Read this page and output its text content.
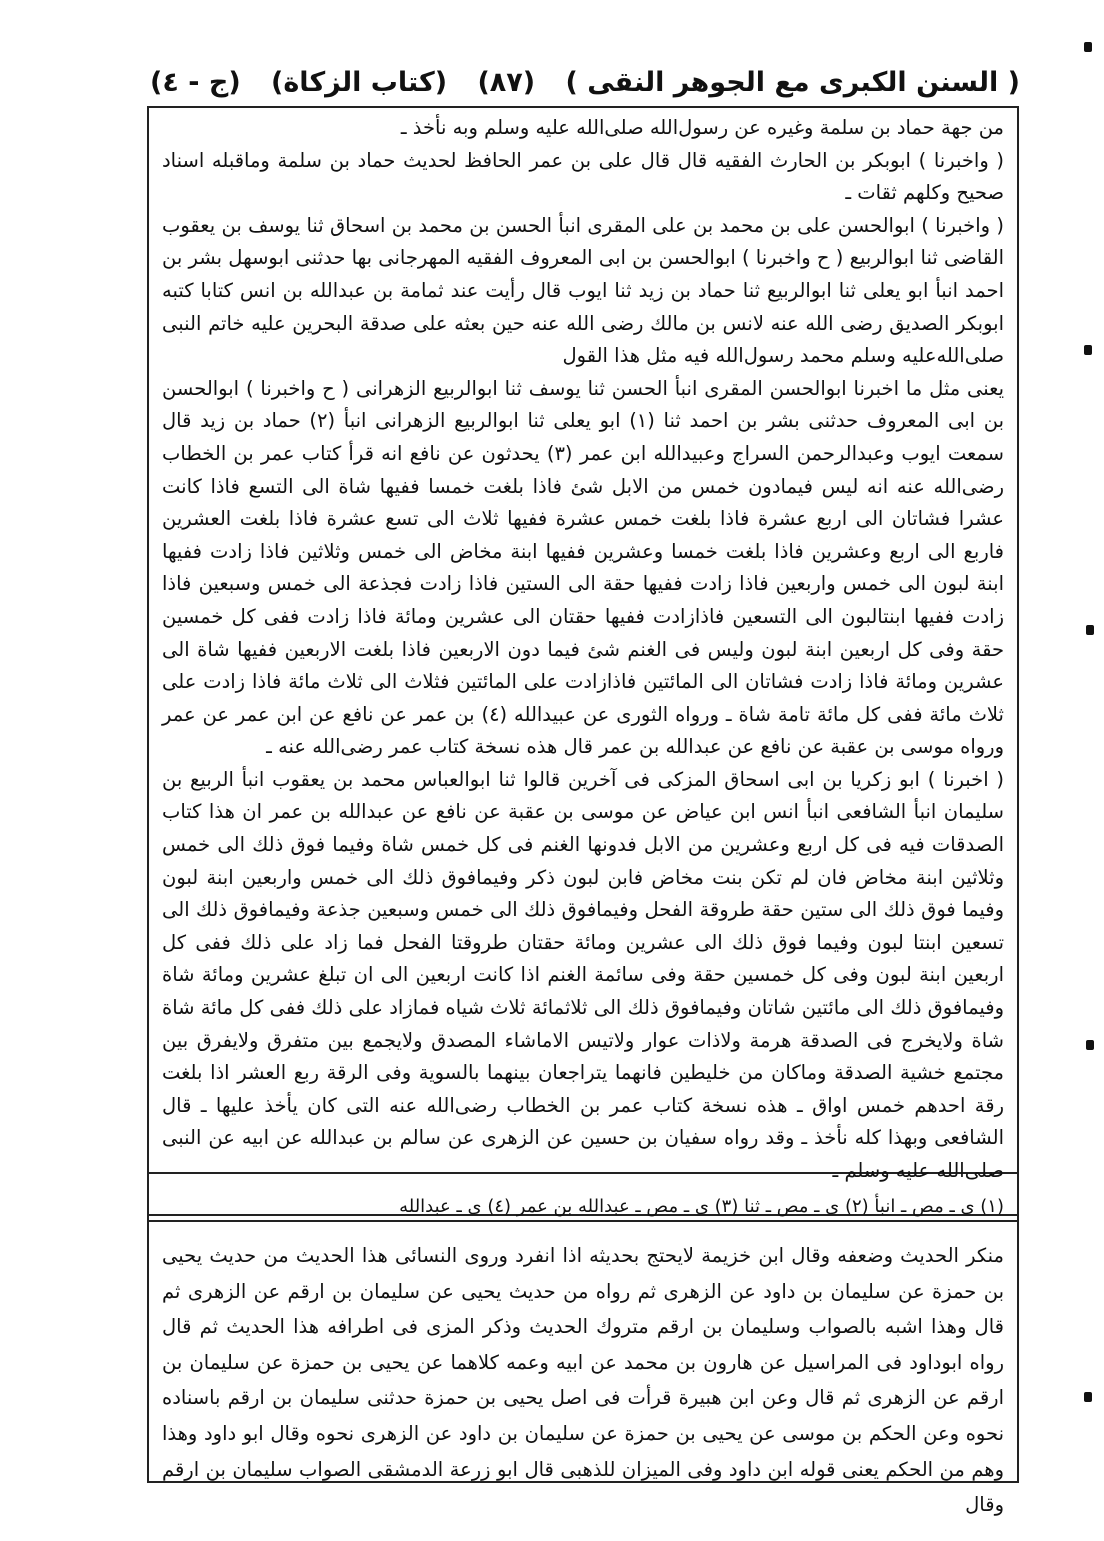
( السنن الكبرى مع الجوهر النقى )
(٨٧)
(كتاب الزكاة)
(ج - ٤)

من جهة حماد بن سلمة وغيره عن رسول‌الله صلى‌الله عليه وسلم وبه نأخذ ـ

( واخبرنا ) ابوبكر بن الحارث الفقيه قال قال على بن عمر الحافظ لحديث حماد بن سلمة وماقبله اسناد صحيح وكلهم ثقات ـ

( واخبرنا ) ابوالحسن على بن محمد بن على المقرى انبأ الحسن بن محمد بن اسحاق ثنا يوسف بن يعقوب القاضى ثنا ابوالربيع ( ح واخبرنا ) ابوالحسن بن ابى المعروف الفقيه المهرجانى بها حدثنى ابوسهل بشر بن احمد انبأ ابو يعلى ثنا ابوالربيع ثنا حماد بن زيد ثنا ايوب قال رأيت عند ثمامة بن عبدالله بن انس كتابا كتبه ابوبكر الصديق رضى الله عنه لانس بن مالك رضى الله عنه حين بعثه على صدقة البحرين عليه خاتم النبى صلى‌الله‌عليه وسلم محمد رسول‌الله فيه مثل هذا القول

يعنى مثل ما اخبرنا ابوالحسن المقرى انبأ الحسن ثنا يوسف ثنا ابوالربيع الزهرانى ( ح واخبرنا ) ابوالحسن بن ابى المعروف حدثنى بشر بن احمد ثنا (١) ابو يعلى ثنا ابوالربيع الزهرانى انبأ (٢) حماد بن زيد قال سمعت ايوب وعبدالرحمن السراج وعبيدالله ابن عمر (٣) يحدثون عن نافع انه قرأ كتاب عمر بن الخطاب رضى‌الله عنه انه ليس فيمادون خمس من الابل شئ فاذا بلغت خمسا ففيها شاة الى التسع فاذا كانت عشرا فشاتان الى اربع عشرة فاذا بلغت خمس عشرة ففيها ثلاث الى تسع عشرة فاذا بلغت العشرين فاربع الى اربع وعشرين فاذا بلغت خمسا وعشرين ففيها ابنة مخاض الى خمس وثلاثين فاذا زادت ففيها ابنة لبون الى خمس واربعين فاذا زادت ففيها حقة الى الستين فاذا زادت فجذعة الى خمس وسبعين فاذا زادت ففيها ابنتالبون الى التسعين فاذازادت ففيها حقتان الى عشرين ومائة فاذا زادت ففى كل خمسين حقة وفى كل اربعين ابنة لبون وليس فى الغنم شئ فيما دون الاربعين فاذا بلغت الاربعين ففيها شاة الى عشرين ومائة فاذا زادت فشاتان الى المائتين فاذازادت على المائتين فثلاث الى ثلاث مائة فاذا زادت على ثلاث مائة ففى كل مائة تامة شاة ـ ورواه الثورى عن عبيدالله (٤) بن عمر عن نافع عن ابن عمر عن عمر ورواه موسى بن عقبة عن نافع عن عبدالله بن عمر قال هذه نسخة كتاب عمر رضى‌الله عنه ـ

( اخبرنا ) ابو زكريا بن ابى اسحاق المزكى فى آخرين قالوا ثنا ابوالعباس محمد بن يعقوب انبأ الربيع بن سليمان انبأ الشافعى انبأ انس ابن عياض عن موسى بن عقبة عن نافع عن عبدالله بن عمر ان هذا كتاب الصدقات فيه فى كل اربع وعشرين من الابل فدونها الغنم فى كل خمس شاة وفيما فوق ذلك الى خمس وثلاثين ابنة مخاض فان لم تكن بنت مخاض فابن لبون ذكر وفيمافوق ذلك الى خمس واربعين ابنة لبون وفيما فوق ذلك الى ستين حقة طروقة الفحل وفيمافوق ذلك الى خمس وسبعين جذعة وفيمافوق ذلك الى تسعين ابنتا لبون وفيما فوق ذلك الى عشرين ومائة حقتان طروقتا الفحل فما زاد على ذلك ففى كل اربعين ابنة لبون وفى كل خمسين حقة وفى سائمة الغنم اذا كانت اربعين الى ان تبلغ عشرين ومائة شاة وفيمافوق ذلك الى مائتين شاتان وفيمافوق ذلك الى ثلاثمائة ثلاث شياه فمازاد على ذلك ففى كل مائة شاة شاة ولايخرج فى الصدقة هرمة ولاذات عوار ولاتيس الاماشاء المصدق ولايجمع بين متفرق ولايفرق بين مجتمع خشية الصدقة وماكان من خليطين فانهما يتراجعان بينهما بالسوية وفى الرقة ربع العشر اذا بلغت رقة احدهم خمس اواق ـ هذه نسخة كتاب عمر بن الخطاب رضى‌الله عنه التى كان يأخذ عليها ـ قال الشافعى وبهذا كله نأخذ ـ وقد رواه سفيان بن حسين عن الزهرى عن سالم بن عبدالله عن ابيه عن النبى صلى‌الله عليه وسلم ـ

(١) ى ـ مص ـ انبأ (٢) ى ـ مص ـ ثنا (٣) ى ـ مص ـ عبدالله بن عمر (٤) ى ـ عبدالله

منكر الحديث وضعفه وقال ابن خزيمة لايحتج بحديثه اذا انفرد وروى النسائى هذا الحديث من حديث يحيى بن حمزة عن سليمان بن داود عن الزهرى ثم رواه من حديث يحيى عن سليمان بن ارقم عن الزهرى ثم قال وهذا اشبه بالصواب وسليمان بن ارقم متروك الحديث وذكر المزى فى اطرافه هذا الحديث ثم قال رواه ابوداود فى المراسيل عن هارون بن محمد عن ابيه وعمه كلاهما عن يحيى بن حمزة عن سليمان بن ارقم عن الزهرى ثم قال وعن ابن هبيرة قرأت فى اصل يحيى بن حمزة حدثنى سليمان بن ارقم باسناده نحوه وعن الحكم بن موسى عن يحيى بن حمزة عن سليمان بن داود عن الزهرى نحوه وقال ابو داود وهذا وهم من الحكم يعنى قوله ابن داود وفى الميزان للذهبى قال ابو زرعة الدمشقى الصواب سليمان بن ارقم وقال
